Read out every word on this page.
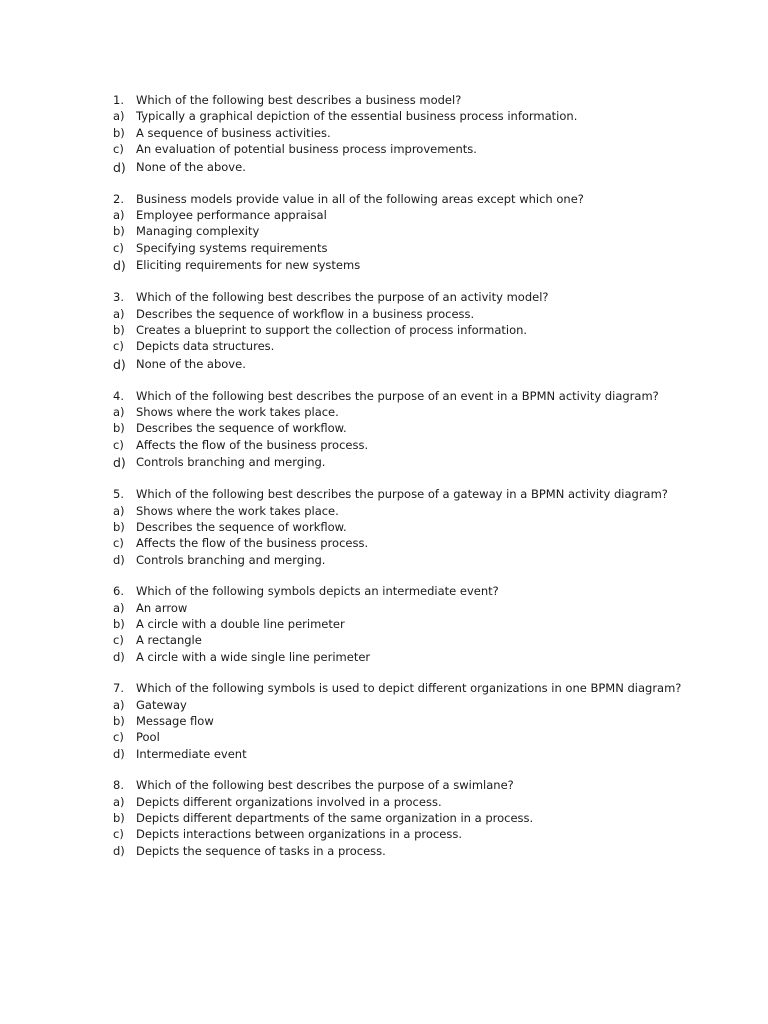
1.	Which of the following best describes a business model?
a) Typically a graphical depiction of the essential business process information.
b) A sequence of business activities.
c)	An evaluation of potential business process improvements.
d) None of the above.
2.	Business models provide value in all of the following areas except which one?
a) Employee performance appraisal
b) Managing complexity
c)	Specifying systems requirements
d) Eliciting requirements for new systems
3.	Which of the following best describes the purpose of an activity model?
a) Describes the sequence of workflow in a business process.
b) Creates a blueprint to support the collection of process information.
c)	Depicts data structures.
d) None of the above.
4.	Which of the following best describes the purpose of an event in a BPMN activity diagram?
a) Shows where the work takes place.
b) Describes the sequence of workflow.
c)	Affects the flow of the business process.
d) Controls branching and merging.
5.	Which of the following best describes the purpose of a gateway in a BPMN activity diagram?
a) Shows where the work takes place.
b) Describes the sequence of workflow.
c)	Affects the flow of the business process.
d) Controls branching and merging.
6.	Which of the following symbols depicts an intermediate event?
a) An arrow
b) A circle with a double line perimeter
c)	A rectangle
d) A circle with a wide single line perimeter
7.	Which of the following symbols is used to depict different organizations in one BPMN diagram?
a) Gateway
b) Message flow
c)	Pool
d) Intermediate event
8.	Which of the following best describes the purpose of a swimlane?
a) Depicts different organizations involved in a process.
b) Depicts different departments of the same organization in a process.
c)	Depicts interactions between organizations in a process.
d) Depicts the sequence of tasks in a process.
